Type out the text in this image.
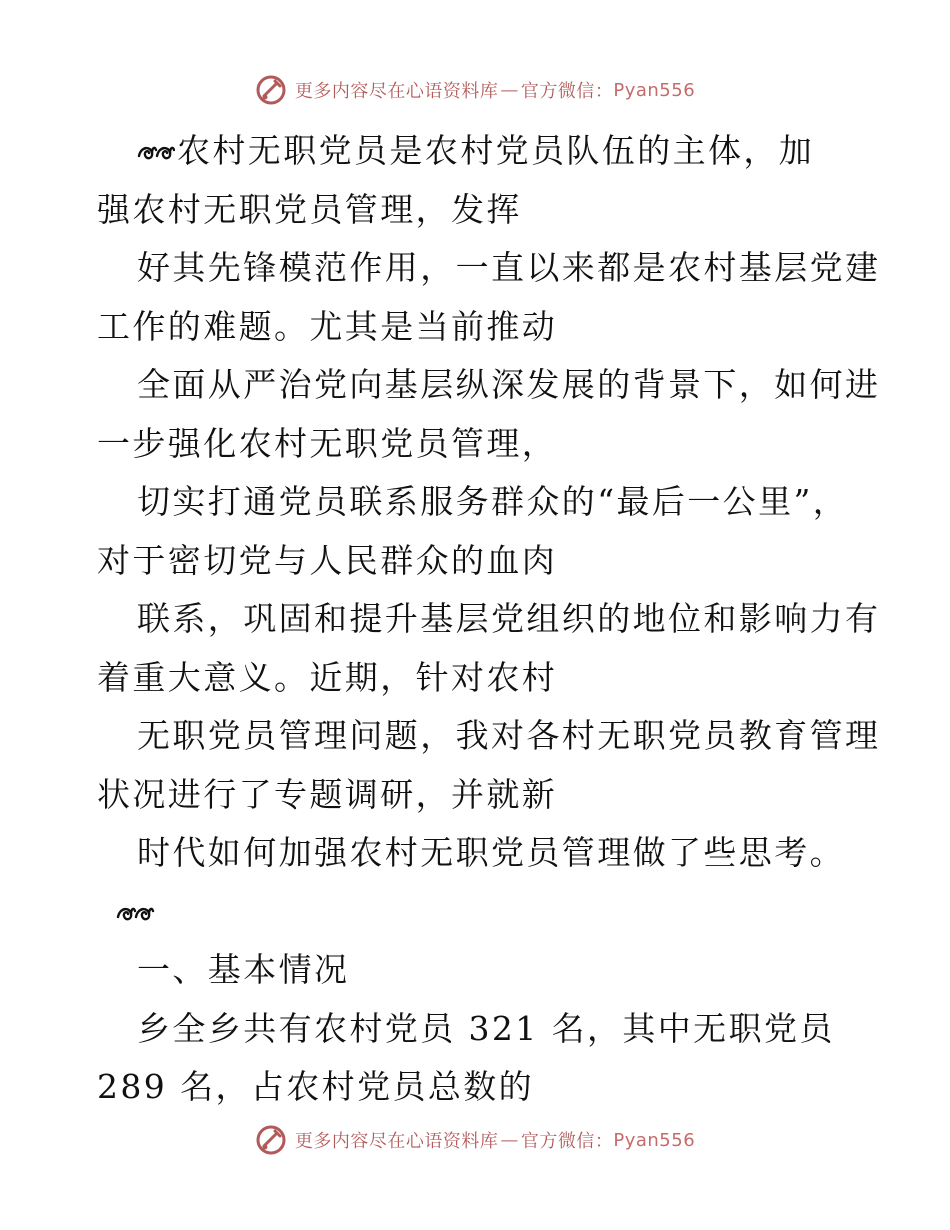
更多内容尽在心语资料库 — 官方微信： Pyan556
农村无职党员是农村党员队伍的主体，加
强农村无职党员管理，发挥
好其先锋模范作用，一直以来都是农村基层党建
工作的难题。尤其是当前推动
全面从严治党向基层纵深发展的背景下，如何进
一步强化农村无职党员管理，
切实打通党员联系服务群众的“最后一公里”，
对于密切党与人民群众的血肉
联系，巩固和提升基层党组织的地位和影响力有
着重大意义。近期，针对农村
无职党员管理问题，我对各村无职党员教育管理
状况进行了专题调研，并就新
时代如何加强农村无职党员管理做了些思考。
一、基本情况
乡全乡共有农村党员 321 名，其中无职党员
289 名，占农村党员总数的
更多内容尽在心语资料库 — 官方微信： Pyan556
